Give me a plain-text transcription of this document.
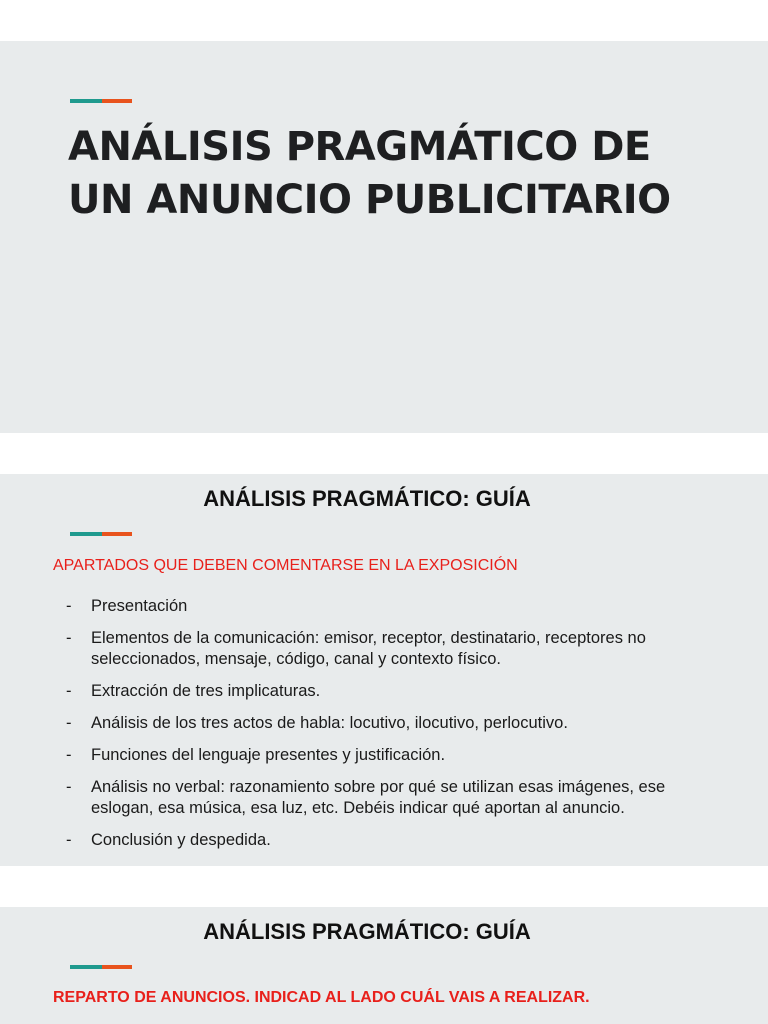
ANÁLISIS PRAGMÁTICO DE
UN ANUNCIO PUBLICITARIO
ANÁLISIS PRAGMÁTICO: GUÍA

APARTADOS QUE DEBEN COMENTARSE EN LA EXPOSICIÓN

- Presentación
- Elementos de la comunicación: emisor, receptor, destinatario, receptores no seleccionados, mensaje, código, canal y contexto físico.
- Extracción de tres implicaturas.
- Análisis de los tres actos de habla: locutivo, ilocutivo, perlocutivo.
- Funciones del lenguaje presentes y justificación.
- Análisis no verbal: razonamiento sobre por qué se utilizan esas imágenes, ese eslogan, esa música, esa luz, etc. Debéis indicar qué aportan al anuncio.
- Conclusión y despedida.
ANÁLISIS PRAGMÁTICO: GUÍA

REPARTO DE ANUNCIOS. INDICAD AL LADO CUÁL VAIS A REALIZAR.
